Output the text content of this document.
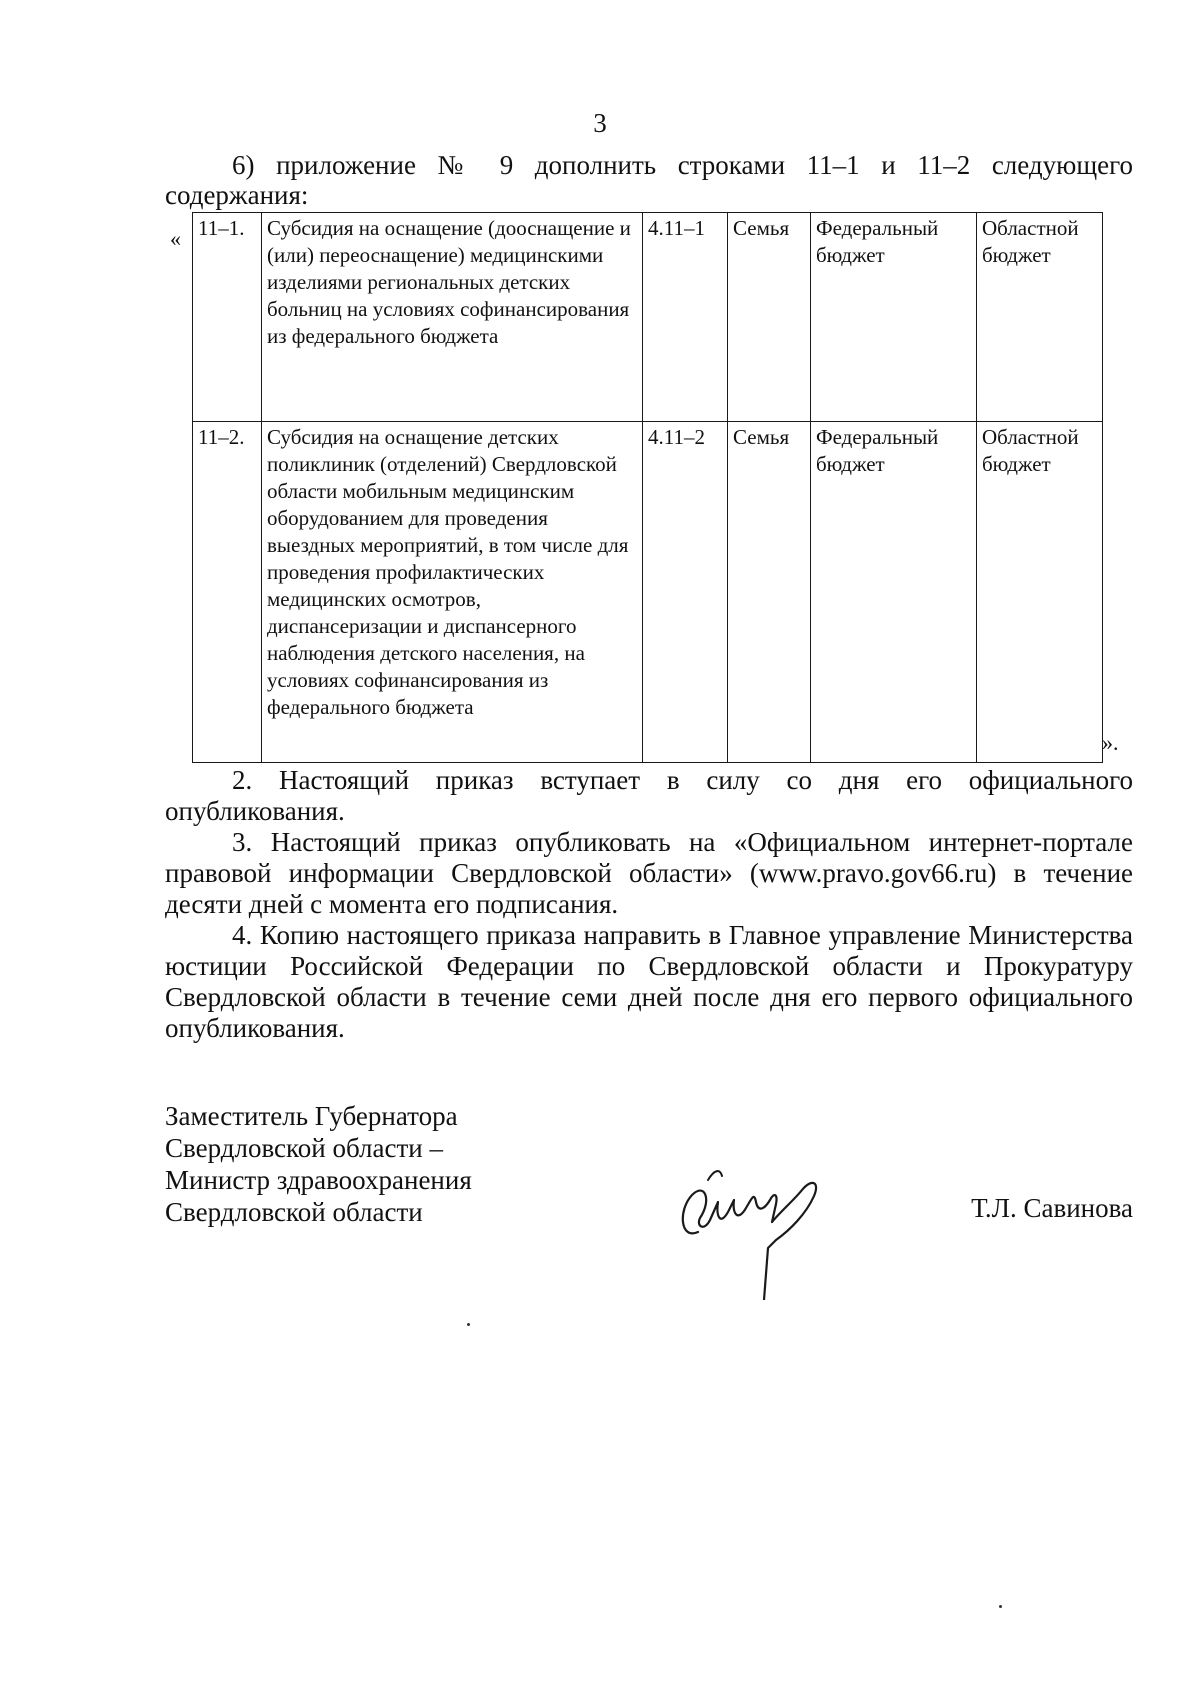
3
6) приложение № 9 дополнить строками 11–1 и 11–2 следующего содержания:
« 11–1.	Субсидия на оснащение (дооснащение и (или) переоснащение) медицинскими изделиями региональных детских больниц на условиях софинансирования из федерального бюджета	4.11–1	Семья	Федеральный бюджет	Областной бюджет
11–2.	Субсидия на оснащение детских поликлиник (отделений) Свердловской области мобильным медицинским оборудованием для проведения выездных мероприятий, в том числе для проведения профилактических медицинских осмотров, диспансеризации и диспансерного наблюдения детского населения, на условиях софинансирования из федерального бюджета	4.11–2	Семья	Федеральный бюджет	Областной бюджет
».

2. Настоящий приказ вступает в силу со дня его официального опубликования.

3. Настоящий приказ опубликовать на «Официальном интернет-портале правовой информации Свердловской области» (www.pravo.gov66.ru) в течение десяти дней с момента его подписания.

4. Копию настоящего приказа направить в Главное управление Министерства юстиции Российской Федерации по Свердловской области и Прокуратуру Свердловской области в течение семи дней после дня его первого официального опубликования.

Заместитель Губернатора
Свердловской области –
Министр здравоохранения
Свердловской области	Т.Л. Савинова
